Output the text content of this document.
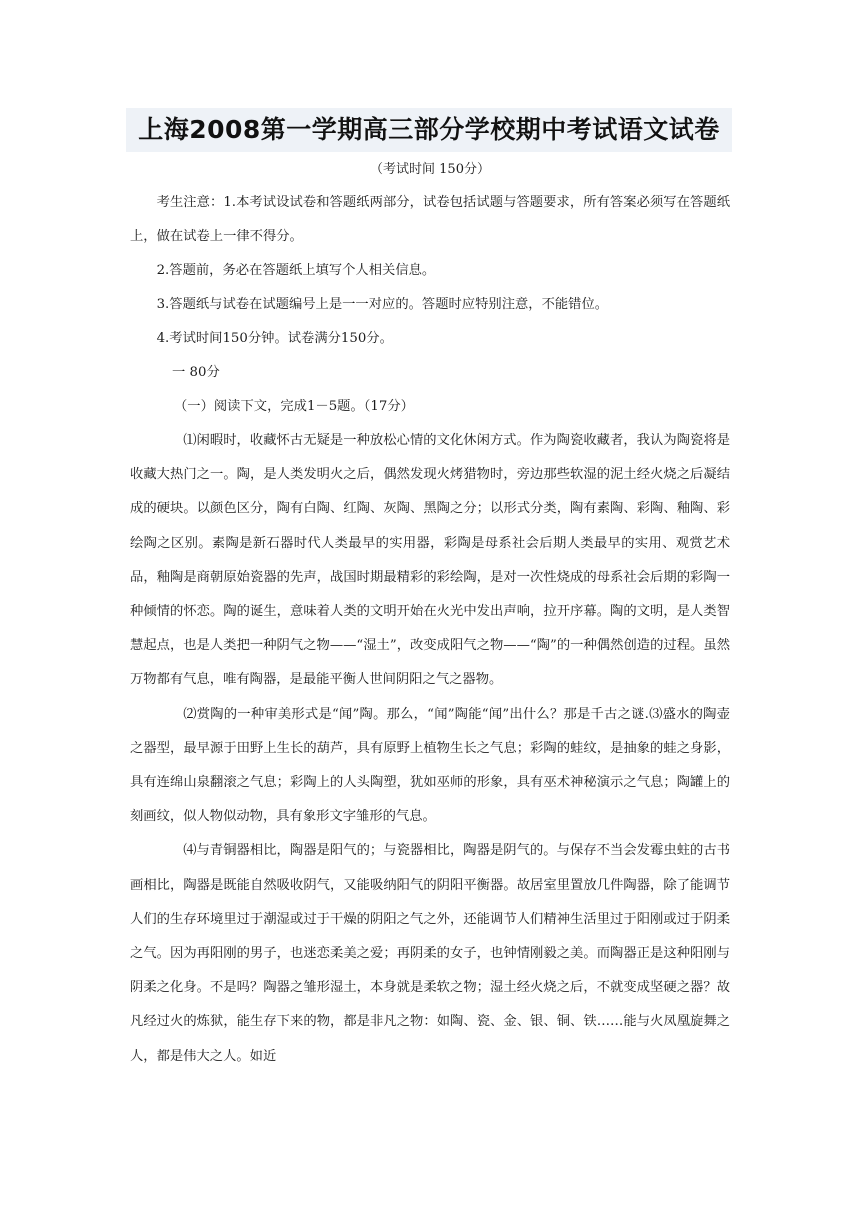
上海2008第一学期高三部分学校期中考试语文试卷
（考试时间 150分）

考生注意：1.本考试设试卷和答题纸两部分，试卷包括试题与答题要求，所有答案必须写在答题纸上，做在试卷上一律不得分。

2.答题前，务必在答题纸上填写个人相关信息。

3.答题纸与试卷在试题编号上是一一对应的。答题时应特别注意，不能错位。

4.考试时间150分钟。试卷满分150分。

一 80分

（一）阅读下文，完成1－5题。（17分）

⑴闲暇时，收藏怀古无疑是一种放松心情的文化休闲方式。作为陶瓷收藏者，我认为陶瓷将是收藏大热门之一。陶，是人类发明火之后，偶然发现火烤猎物时，旁边那些软湿的泥土经火烧之后凝结成的硬块。以颜色区分，陶有白陶、红陶、灰陶、黑陶之分；以形式分类，陶有素陶、彩陶、釉陶、彩绘陶之区别。素陶是新石器时代人类最早的实用器，彩陶是母系社会后期人类最早的实用、观赏艺术品，釉陶是商朝原始瓷器的先声，战国时期最精彩的彩绘陶，是对一次性烧成的母系社会后期的彩陶一种倾情的怀恋。陶的诞生，意味着人类的文明开始在火光中发出声响，拉开序幕。陶的文明，是人类智慧起点，也是人类把一种阴气之物——“湿土”，改变成阳气之物——“陶”的一种偶然创造的过程。虽然万物都有气息，唯有陶器，是最能平衡人世间阴阳之气之器物。

⑵赏陶的一种审美形式是“闻”陶。那么，“闻”陶能“闻”出什么？那是千古之谜.⑶盛水的陶壶之器型，最早源于田野上生长的葫芦，具有原野上植物生长之气息；彩陶的蛙纹，是抽象的蛙之身影，具有连绵山泉翻滚之气息；彩陶上的人头陶塑，犹如巫师的形象，具有巫术神秘演示之气息；陶罐上的刻画纹，似人物似动物，具有象形文字雏形的气息。

⑷与青铜器相比，陶器是阳气的；与瓷器相比，陶器是阴气的。与保存不当会发霉虫蛀的古书画相比，陶器是既能自然吸收阴气，又能吸纳阳气的阴阳平衡器。故居室里置放几件陶器，除了能调节人们的生存环境里过于潮湿或过于干燥的阴阳之气之外，还能调节人们精神生活里过于阳刚或过于阴柔之气。因为再阳刚的男子，也迷恋柔美之爱；再阴柔的女子，也钟情刚毅之美。而陶器正是这种阳刚与阴柔之化身。不是吗？陶器之雏形湿土，本身就是柔软之物；湿土经火烧之后，不就变成坚硬之器？故凡经过火的炼狱，能生存下来的物，都是非凡之物：如陶、瓷、金、银、铜、铁……能与火凤凰旋舞之人，都是伟大之人。如近
